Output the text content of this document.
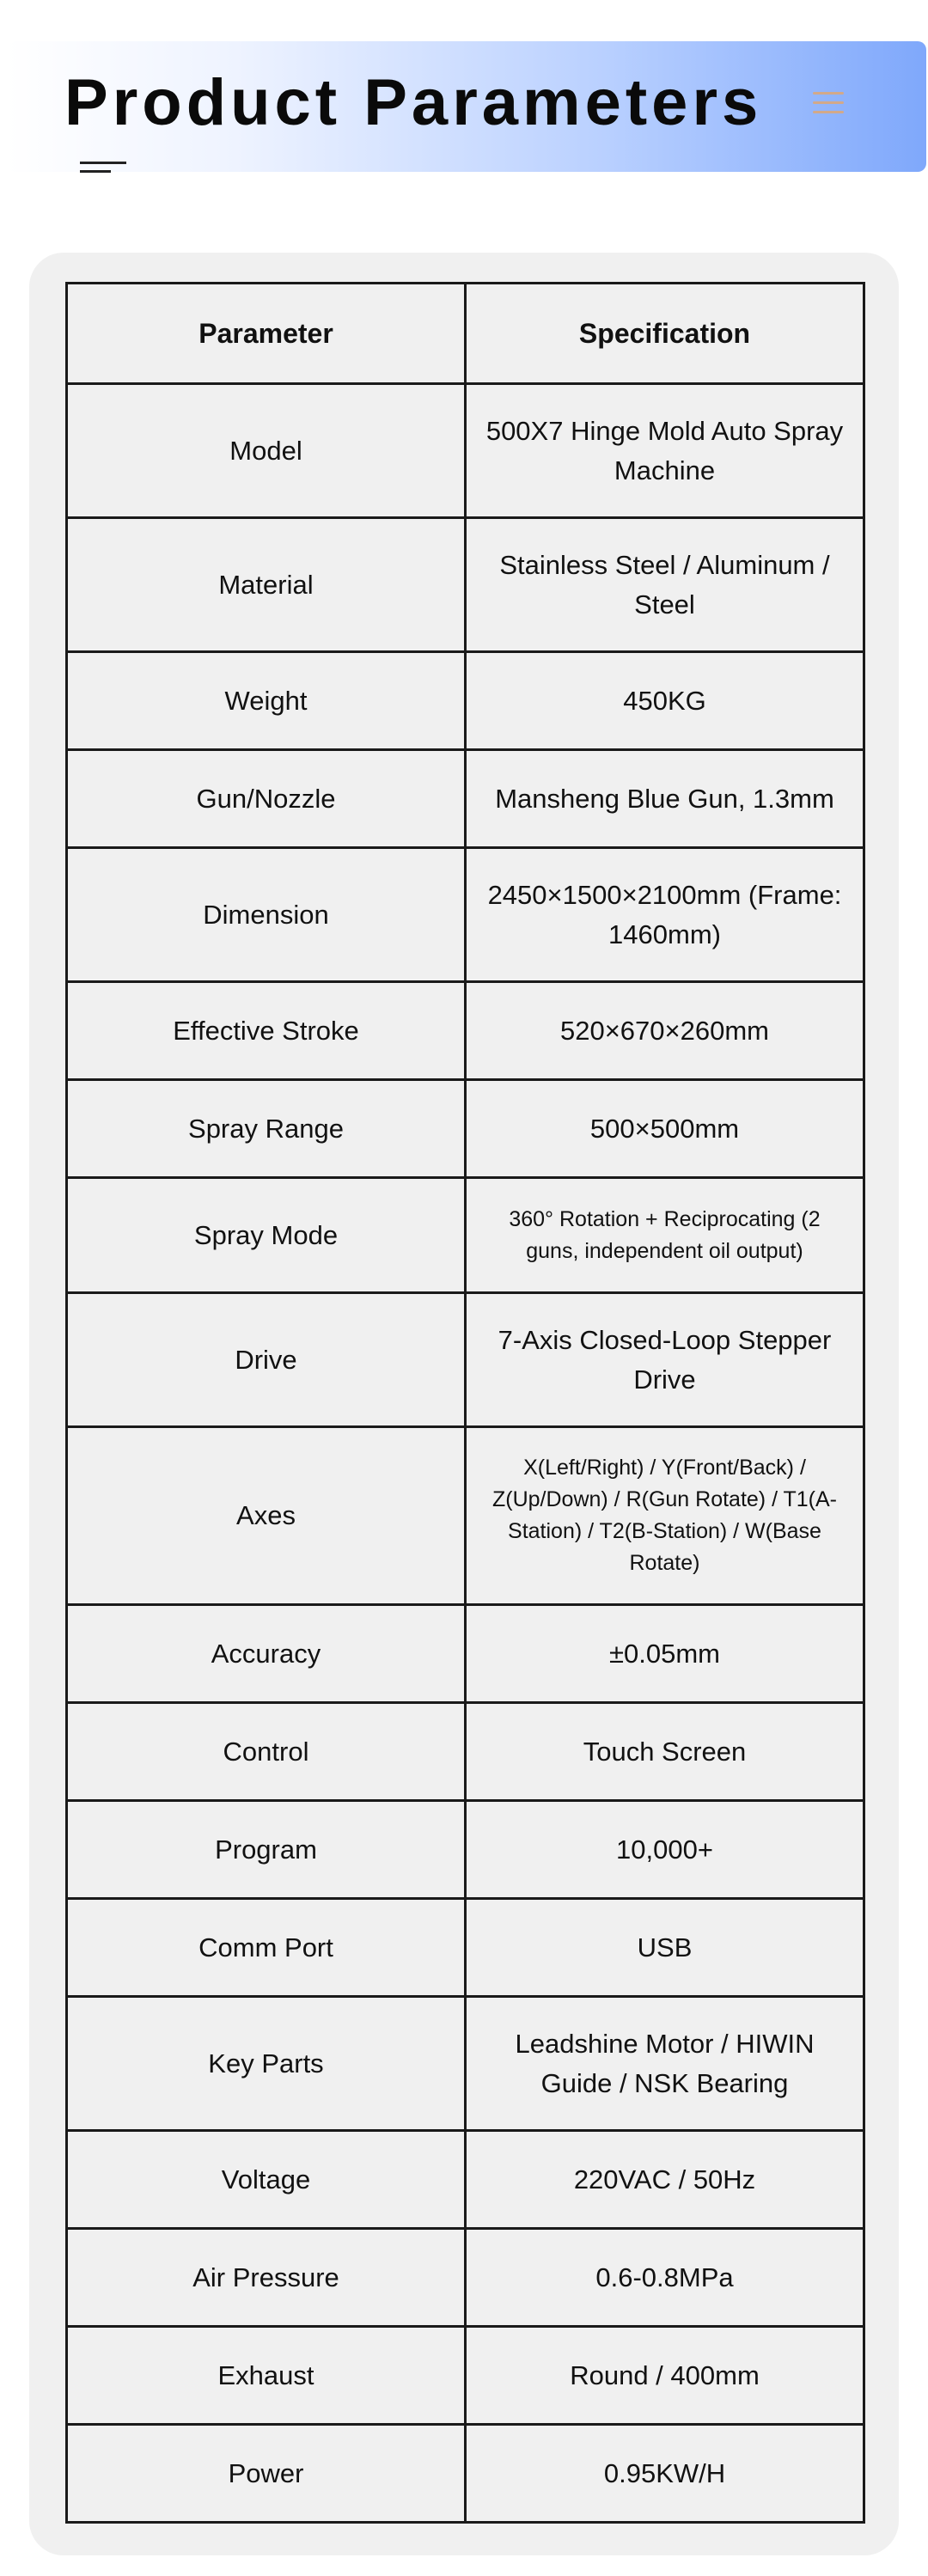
Product Parameters
Parameter	Specification
Model	500X7 Hinge Mold Auto Spray Machine
Material	Stainless Steel / Aluminum / Steel
Weight	450KG
Gun/Nozzle	Mansheng Blue Gun, 1.3mm
Dimension	2450×1500×2100mm (Frame: 1460mm)
Effective Stroke	520×670×260mm
Spray Range	500×500mm
Spray Mode	360° Rotation + Reciprocating (2 guns, independent oil output)
Drive	7-Axis Closed-Loop Stepper Drive
Axes	X(Left/Right) / Y(Front/Back) / Z(Up/Down) / R(Gun Rotate) / T1(A-Station) / T2(B-Station) / W(Base Rotate)
Accuracy	±0.05mm
Control	Touch Screen
Program	10,000+
Comm Port	USB
Key Parts	Leadshine Motor / HIWIN Guide / NSK Bearing
Voltage	220VAC / 50Hz
Air Pressure	0.6-0.8MPa
Exhaust	Round / 400mm
Power	0.95KW/H
